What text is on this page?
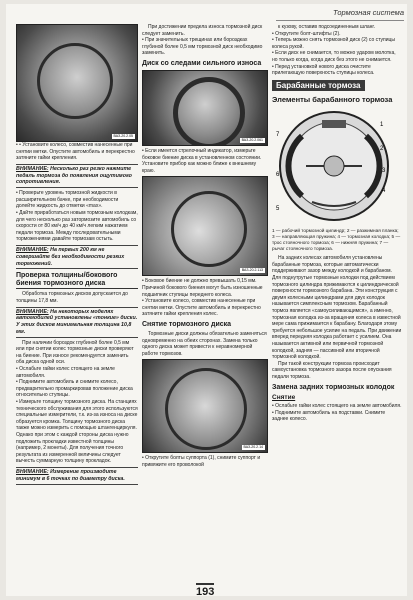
Тормозная система
ВАЗ-20.2.05

• • Установите колесо, совместив нанесенные при снятии метки. Опустите автомобиль и перекрестно затяните гайки крепления.

ВНИМАНИЕ: Несколько раз резко нажмите педаль тормоза до появления ощутимого сопротивления.

• Проверьте уровень тормозной жидкости в расширительном бачке, при необходимости долейте жидкость до отметки «max».

• Дайте приработаться новым тормозным колодкам, для чего несколько раз затормозите автомобиль со скорости от 80 км/ч до 40 км/ч легким нажатием педали тормоза. Между последовательными торможениями давайте тормозам остыть.

ВНИМАНИЕ: На первых 200 км не совершайте без необходимости резких торможений.
Проверка толщины/бокового биения тормозного диска

Обработка тормозных дисков допускается до толщины 17,8 мм.

ВНИМАНИЕ: На некоторых моделях автомобилей установлены «тонкие» диски. У этих дисков минимальная толщина 10,8 мм.

При наличии бороздок глубиной более 0,5 мм или при снятии колес тормозные диски проверяют на биение. При износе рекомендуется заменить оба диска одной оси.

• Ослабьте гайки колес стоящего на земле автомобиля.

• Поднимите автомобиль и снимите колесо, предварительно промаркировав положение диска относительно ступицы.

• Измерьте толщину тормозного диска. На станциях технического обслуживания для этого используются специальные измерители, т.к. из-за износа на диске образуется кромка. Толщину тормозного диска также можно измерить с помощью штангенциркуля. Однако при этом с каждой стороны диска нужно подложить прокладки известной толщины (например, 2 монеты). Для получения точного результата из измеренной величины следует вычесть суммарную толщину прокладок.

ВНИМАНИЕ: Измерение производите минимум в 6 точках по диаметру диска.

При достижении предела износа тормозной диск следует заменить.

• При значительных трещинах или бороздках глубиной более 0,5 мм тормозной диск необходимо заменить.

Диск со следами сильного износа
ВАЗ-20.2.061

• Если имеется стрелочный индикатор, измерьте боковое биение диска в установленном состоянии. Установите прибор как можно ближе к внешнему краю.

ВАЗ-20.2.113

• Боковое биение не должно превышать 0,15 мм. Причиной бокового биения могут быть изношенные подшипник ступицы переднего колеса.

• Установите колесо, совместив нанесенные при снятии метки. Опустите автомобиль и перекрестно затяните гайки крепления колес.

Снятие тормозного диска

Тормозные диски должны обязательно заменяться одновременно на обеих сторонах. Замена только одного диска может привести к неравномерной работе тормозов.

ВАЗ-20.2.14

• Открутите болты суппорта (1), снимите суппорт и привяжите его проволокой

к кузову, оставив подсоединенным шланг.

• Открутите болт-штифты (2).

• Теперь можно снять тормозной диск (2) со ступицы колеса рукой.

• Если диск не снимается, то можно ударом молотка, но только когда, когда диск без этого не снимается.

• Перед установкой нового диска очистите прилегающую поверхность ступицы колеса.

Барабанные тормоза
Элементы барабанного тормоза
1
2
3
4
7
6
5
1 — рабочий тормозной цилиндр; 2 — разжимная планка; 3 — направляющая пружина; 4 — тормозная колодка; 5 — трос стояночного тормоза; 6 — нижняя пружина; 7 — рычаг стояночного тормоза.

На задних колесах автомобиля установлены барабанные тормоза, которые автоматически поддерживают зазор между колодкой и барабаном. Для поднутрутые тормозные колодки под действием тормозного цилиндра прижимаются к цилиндрической поверхности тормозного барабана. Эти конструкция с двумя колесными цилиндрами для двух колодок называется симплексным тормозом. Барабанный тормоз является «самоусиливающимся», а именно, тормозная колодка из-за вращения колеса в известной мере сама прижимается к барабану. Благодаря этому требуется небольшое усилие на педаль. При движении вперед передняя колодка работает с усилием. Она называется активной или первичной тормозной колодкой, задняя — пассивной или вторичной тормозной колодкой.

При такой конструкции тормоза происходит самоустановка тормозного зазора после опускания педали тормоза.

Замена задних тормозных колодок
Снятие

• Ослабьте гайки колес стоящего на земле автомобиля.

• Поднимите автомобиль на подставки. Снимите заднее колесо.

193
